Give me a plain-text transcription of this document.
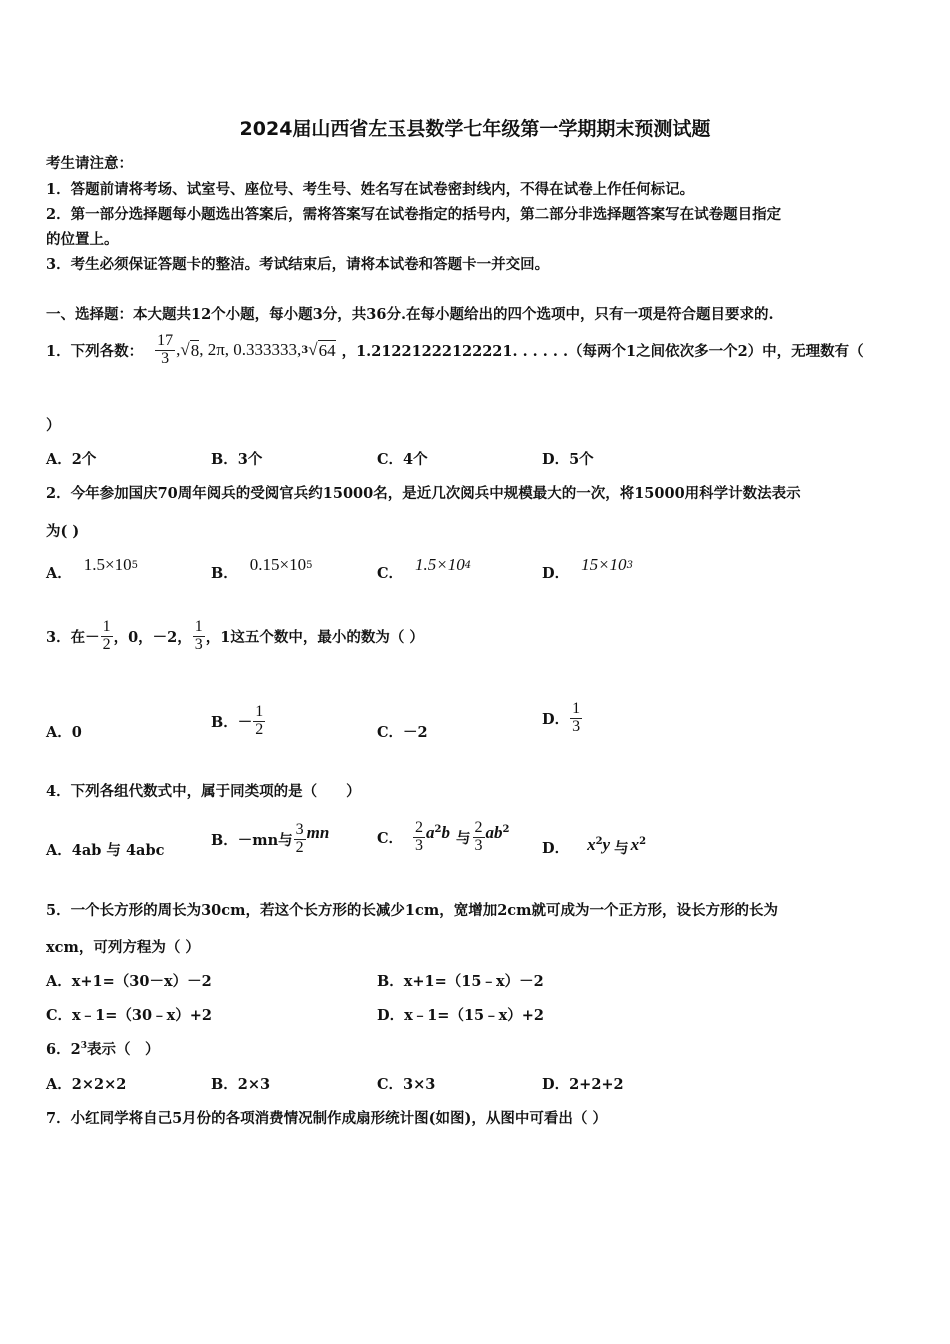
2024届山西省左玉县数学七年级第一学期期末预测试题
考生请注意：
1．答题前请将考场、试室号、座位号、考生号、姓名写在试卷密封线内，不得在试卷上作任何标记。
2．第一部分选择题每小题选出答案后，需将答案写在试卷指定的括号内，第二部分非选择题答案写在试卷题目指定
的位置上。
3．考生必须保证答题卡的整洁。考试结束后，请将本试卷和答题卡一并交回。
一、选择题：本大题共12个小题，每小题3分，共36分.在每小题给出的四个选项中，只有一项是符合题目要求的.
1．下列各数： $\frac{17}{3}$ ,√ 8 , 2π, 0.333333, 3 √ 64 ，1.21221222122221. . . . . .（每两个1之间依次多一个2）中，无理数有（
）
A．2个	B．3个	C．4个	D．5个
2．今年参加国庆70周年阅兵的受阅官兵约15000名，是近几次阅兵中规模最大的一次，将15000用科学计数法表示
为( )
A． $1.5\times 10^5$	B． $0.15\times 10^5$	C． $1.5\times 10^4$	D． $15\times 10^3$
3．在－ $\frac{1}{2}$ ，0，－2， $\frac{1}{3}$ ，1这五个数中，最小的数为（ ）
A．0
B．－ $\frac{1}{2}$	C．－2
D． $\frac{1}{3}$
4．下列各组代数式中，属于同类项的是（　　）
A．4ab 与 4abc
B．－mn与 $\frac{3}{2}$ mn	C． $\frac{2}{3} a^2$ b 与 $\frac{2}{3} ab^2$
D． $x^2$ y 与 $x^2$
5．一个长方形的周长为30cm，若这个长方形的长减少1cm，宽增加2cm就可成为一个正方形，设长方形的长为
xcm，可列方程为（ ）
A．x+1=（30－x）－2	B．x+1=（15﹣x）－2
C．x﹣1=（30﹣x）+2	D．x﹣1=（15﹣x）+2
6．$2^3$表示（　）
A．2×2×2	B．2×3	C．3×3	D．2+2+2
7．小红同学将自己5月份的各项消费情况制作成扇形统计图(如图)，从图中可看出（ ）
